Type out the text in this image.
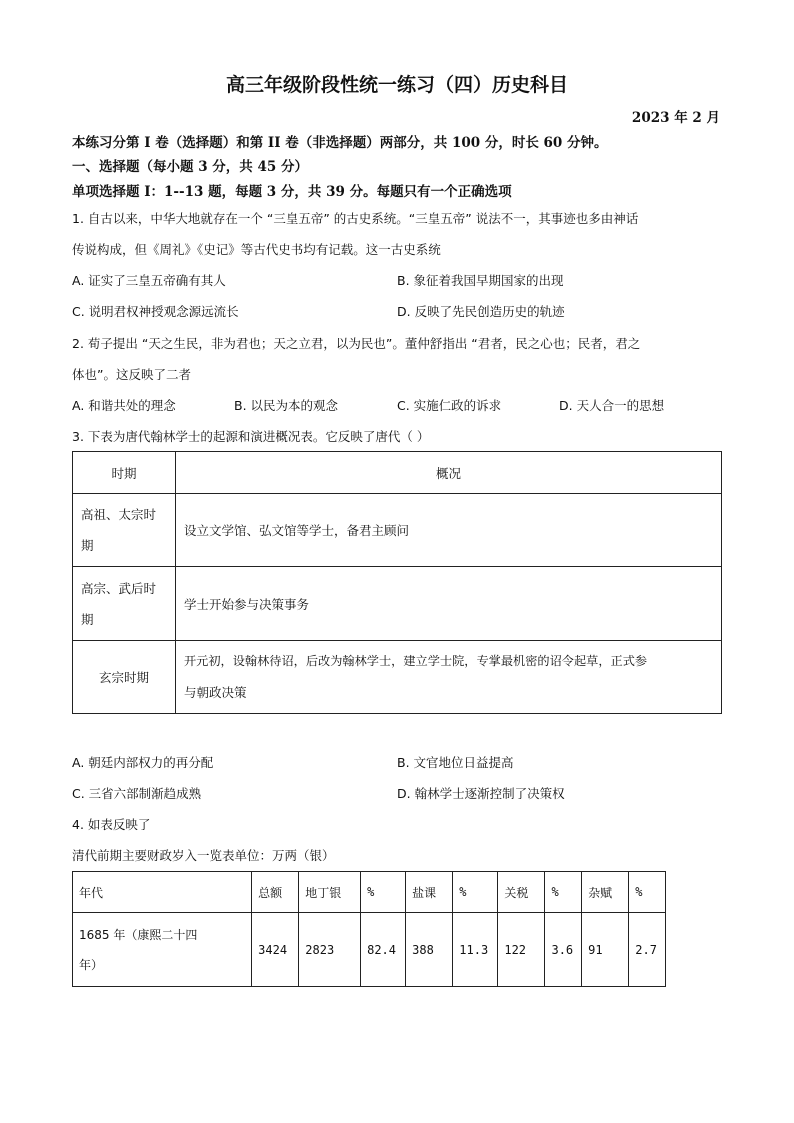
高三年级阶段性统一练习（四）历史科目
2023 年 2 月
本练习分第 I 卷（选择题）和第 II 卷（非选择题）两部分，共 100 分，时长 60 分钟。
一、选择题（每小题 3 分，共 45 分）
单项选择题 I：1--13 题，每题 3 分，共 39 分。每题只有一个正确选项
1. 自古以来，中华大地就存在一个 “三皇五帝” 的古史系统。“三皇五帝” 说法不一，其事迹也多由神话
传说构成，但《周礼》《史记》等古代史书均有记载。这一古史系统
A. 证实了三皇五帝确有其人	B. 象征着我国早期国家的出现
C. 说明君权神授观念源远流长	D. 反映了先民创造历史的轨迹
2. 荀子提出 “天之生民，非为君也；天之立君，以为民也”。董仲舒指出 “君者，民之心也；民者，君之
体也”。这反映了二者
A. 和谐共处的理念	B. 以民为本的观念	C. 实施仁政的诉求	D. 天人合一的思想
3. 下表为唐代翰林学士的起源和演进概况表。它反映了唐代（ ）
时期	概况

高祖、太宗时
期	设立文学馆、弘文馆等学士，备君主顾问

高宗、武后时
期	学士开始参与决策事务

玄宗时期	开元初，设翰林待诏，后改为翰林学士，建立学士院，专掌最机密的诏令起草，正式参
与朝政决策
A. 朝廷内部权力的再分配	B. 文官地位日益提高
C. 三省六部制渐趋成熟	D. 翰林学士逐渐控制了决策权
4. 如表反映了
清代前期主要财政岁入一览表单位：万两（银）
年代	总额	地丁银	%	盐课	%	关税	%	杂赋	%

1685 年（康熙二十四
年）	3424	2823	82.4	388	11.3	122	3.6	91	2.7
